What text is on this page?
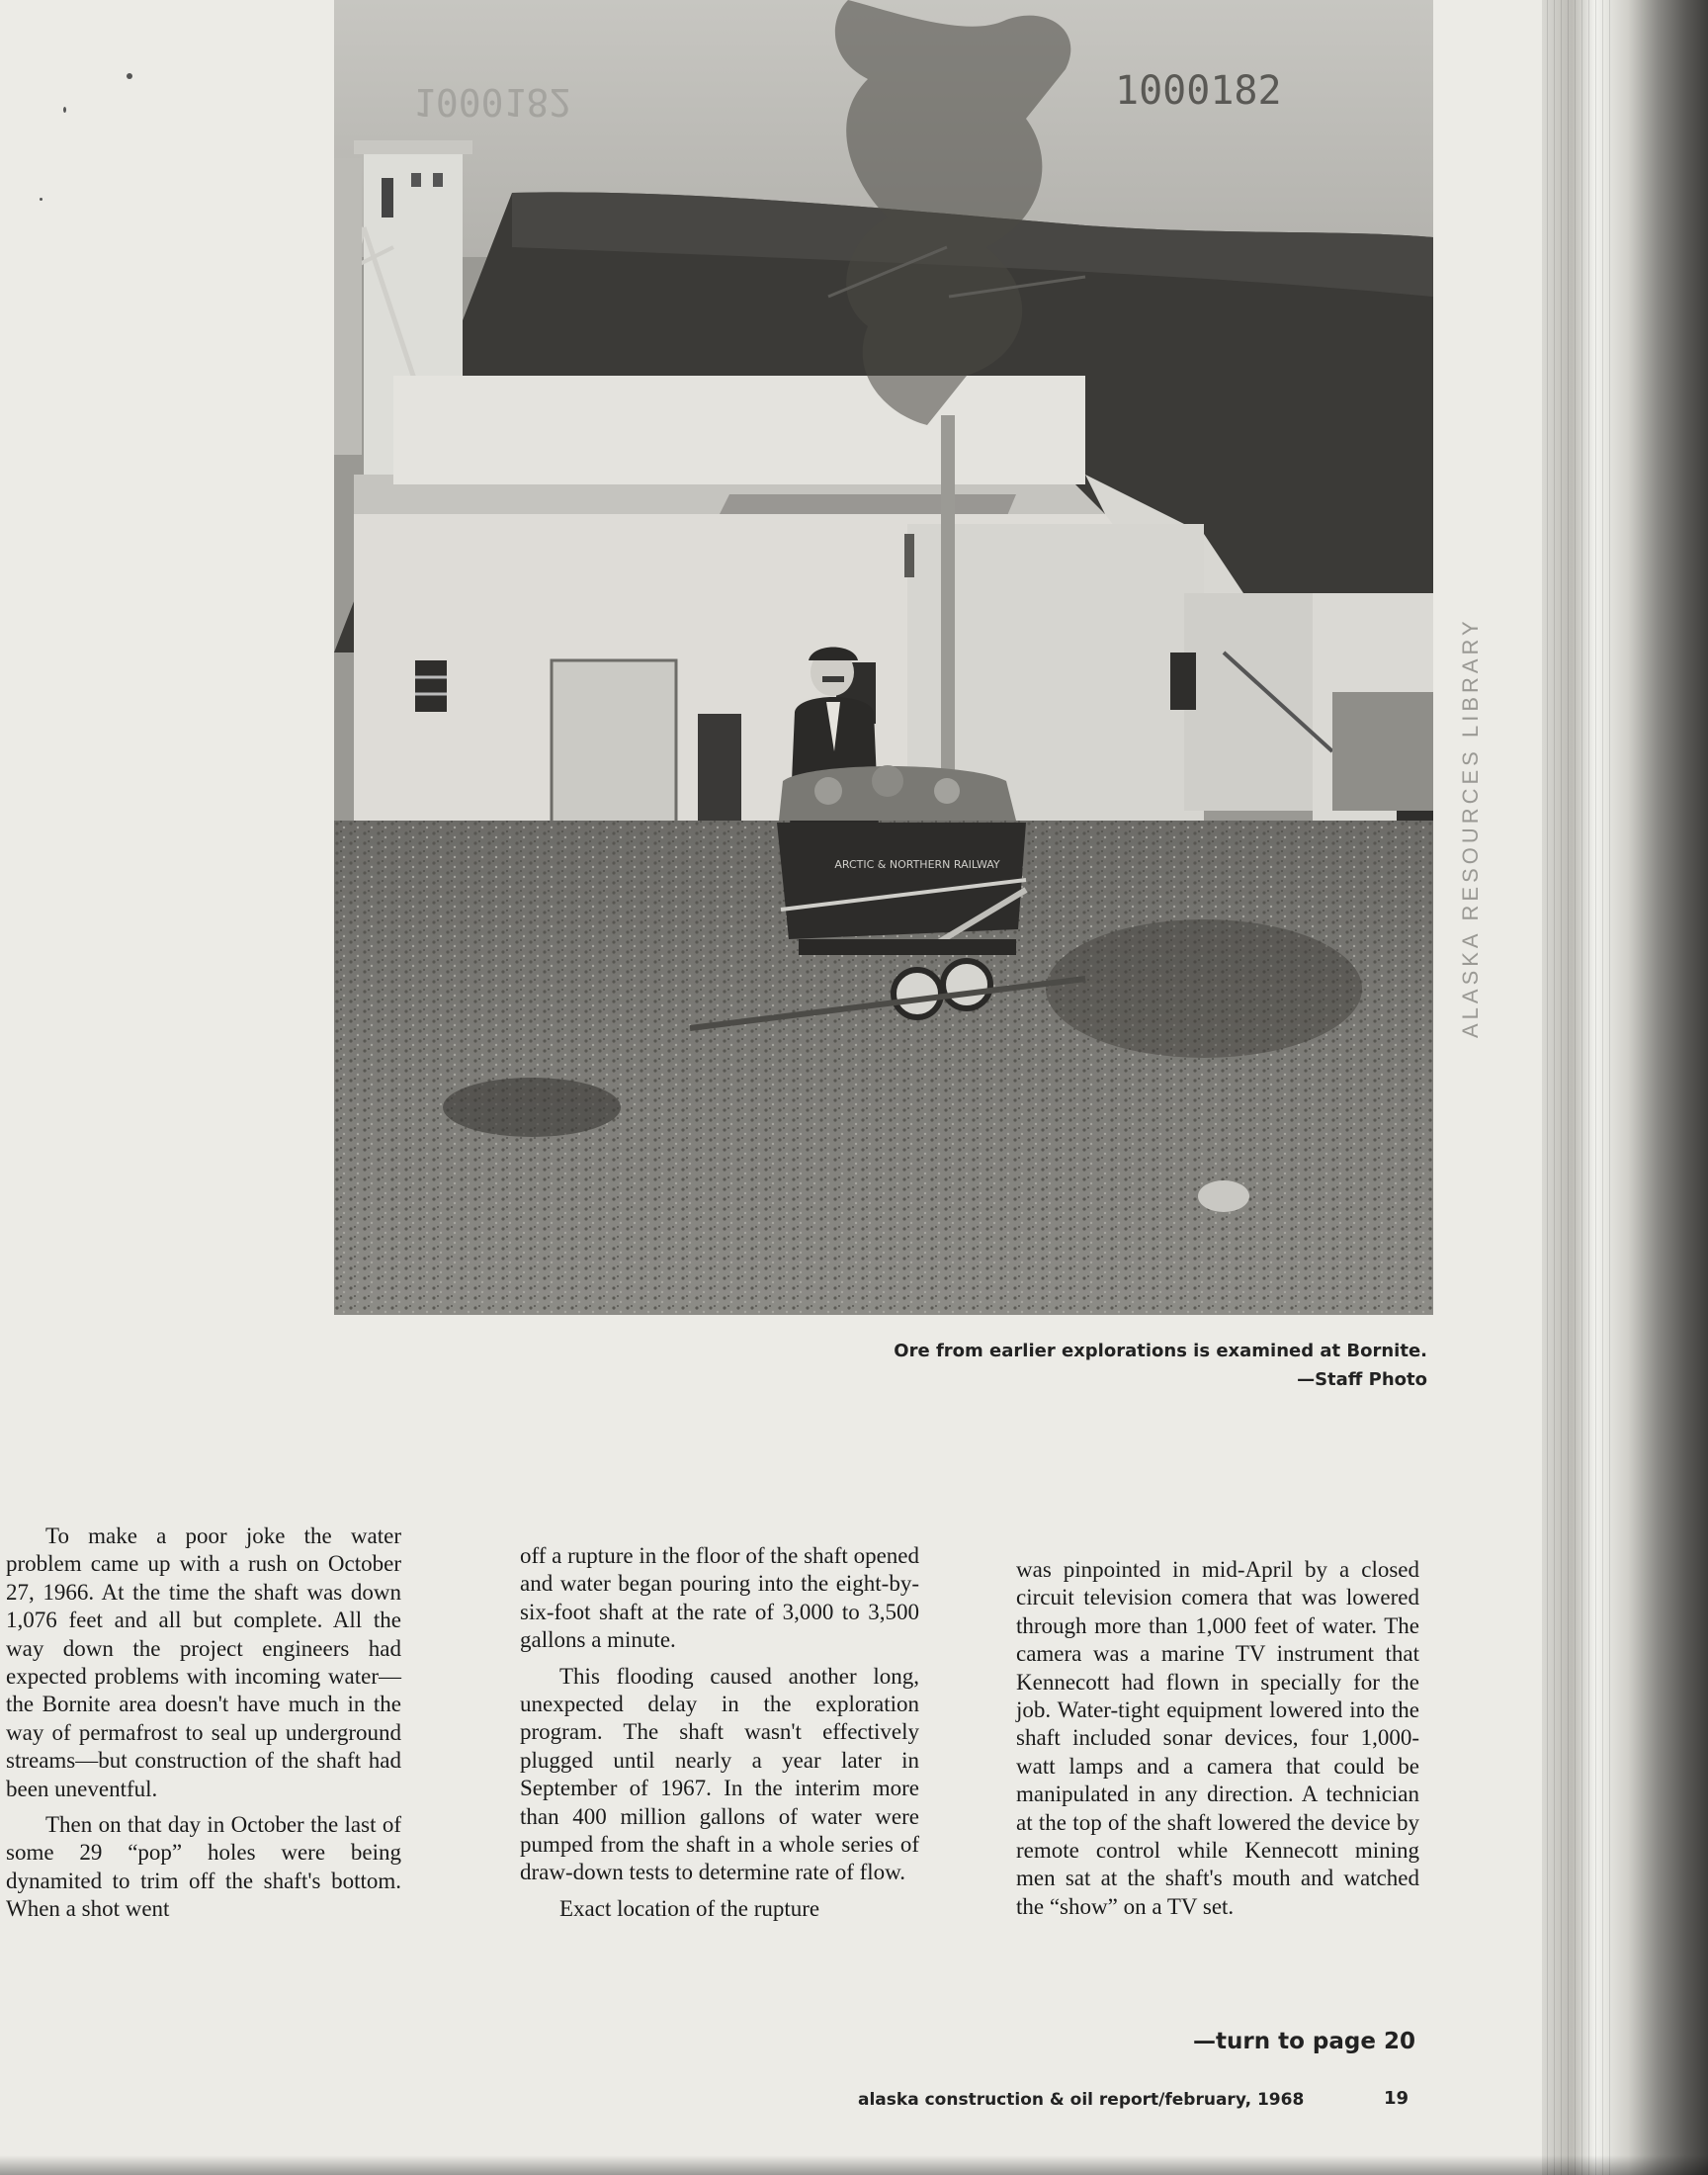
1000182
1000182
ARCTIC & NORTHERN RAILWAY
Ore from earlier explorations is examined at Bornite.
—Staff Photo

To make a poor joke the water problem came up with a rush on October 27, 1966. At the time the shaft was down 1,076 feet and all but complete. All the way down the project engineers had expected problems with incoming water—the Bornite area doesn't have much in the way of permafrost to seal up underground streams—but construction of the shaft had been uneventful.

Then on that day in October the last of some 29 “pop” holes were being dynamited to trim off the shaft's bottom. When a shot went

off a rupture in the floor of the shaft opened and water began pouring into the eight-by-six-foot shaft at the rate of 3,000 to 3,500 gallons a minute.

This flooding caused another long, unexpected delay in the exploration program. The shaft wasn't effectively plugged until nearly a year later in September of 1967. In the interim more than 400 million gallons of water were pumped from the shaft in a whole series of draw-down tests to determine rate of flow.

Exact location of the rupture

was pinpointed in mid-April by a closed circuit television comera that was lowered through more than 1,000 feet of water. The camera was a marine TV instrument that Kennecott had flown in specially for the job. Water-tight equipment lowered into the shaft included sonar devices, four 1,000-watt lamps and a camera that could be manipulated in any direction. A technician at the top of the shaft lowered the device by remote control while Kennecott mining men sat at the shaft's mouth and watched the “show” on a TV set.

—turn to page 20
alaska construction & oil report/february, 1968	19
ALASKA RESOURCES LIBRARY
